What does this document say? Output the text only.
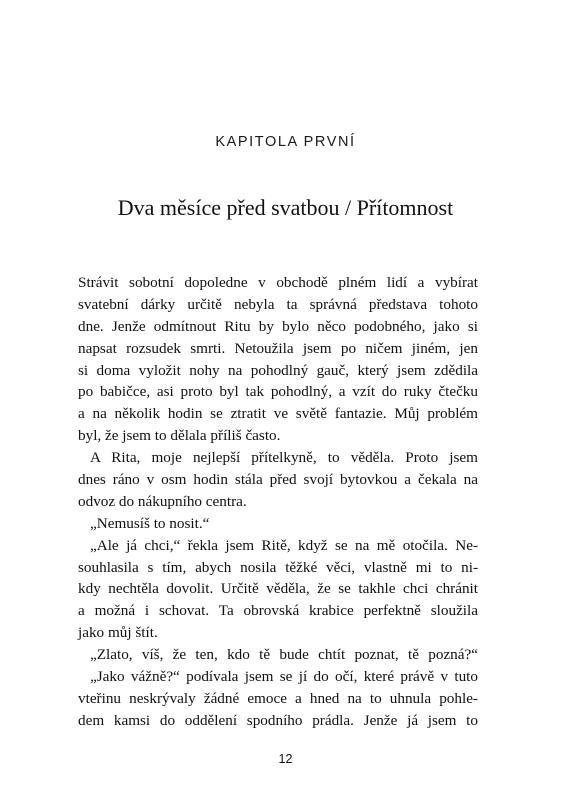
KAPITOLA PRVNÍ
Dva měsíce před svatbou / Přítomnost
Strávit sobotní dopoledne v obchodě plném lidí a vybírat
svatební dárky určitě nebyla ta správná představa tohoto
dne. Jenže odmítnout Ritu by bylo něco podobného, jako si
napsat rozsudek smrti. Netoužila jsem po ničem jiném, jen
si doma vyložit nohy na pohodlný gauč, který jsem zdědila
po babičce, asi proto byl tak pohodlný, a vzít do ruky čtečku
a na několik hodin se ztratit ve světě fantazie. Můj problém
byl, že jsem to dělala příliš často.
A Rita, moje nejlepší přítelkyně, to věděla. Proto jsem
dnes ráno v osm hodin stála před svojí bytovkou a čekala na
odvoz do nákupního centra.
„Nemusíš to nosit.“
„Ale já chci,“ řekla jsem Ritě, když se na mě otočila. Ne-
souhlasila s tím, abych nosila těžké věci, vlastně mi to ni-
kdy nechtěla dovolit. Určitě věděla, že se takhle chci chránit
a možná i schovat. Ta obrovská krabice perfektně sloužila
jako můj štít.
„Zlato, víš, že ten, kdo tě bude chtít poznat, tě pozná?“
„Jako vážně?“ podívala jsem se jí do očí, které právě v tuto
vteřinu neskrývaly žádné emoce a hned na to uhnula pohle-
dem kamsi do oddělení spodního prádla. Jenže já jsem to
12
